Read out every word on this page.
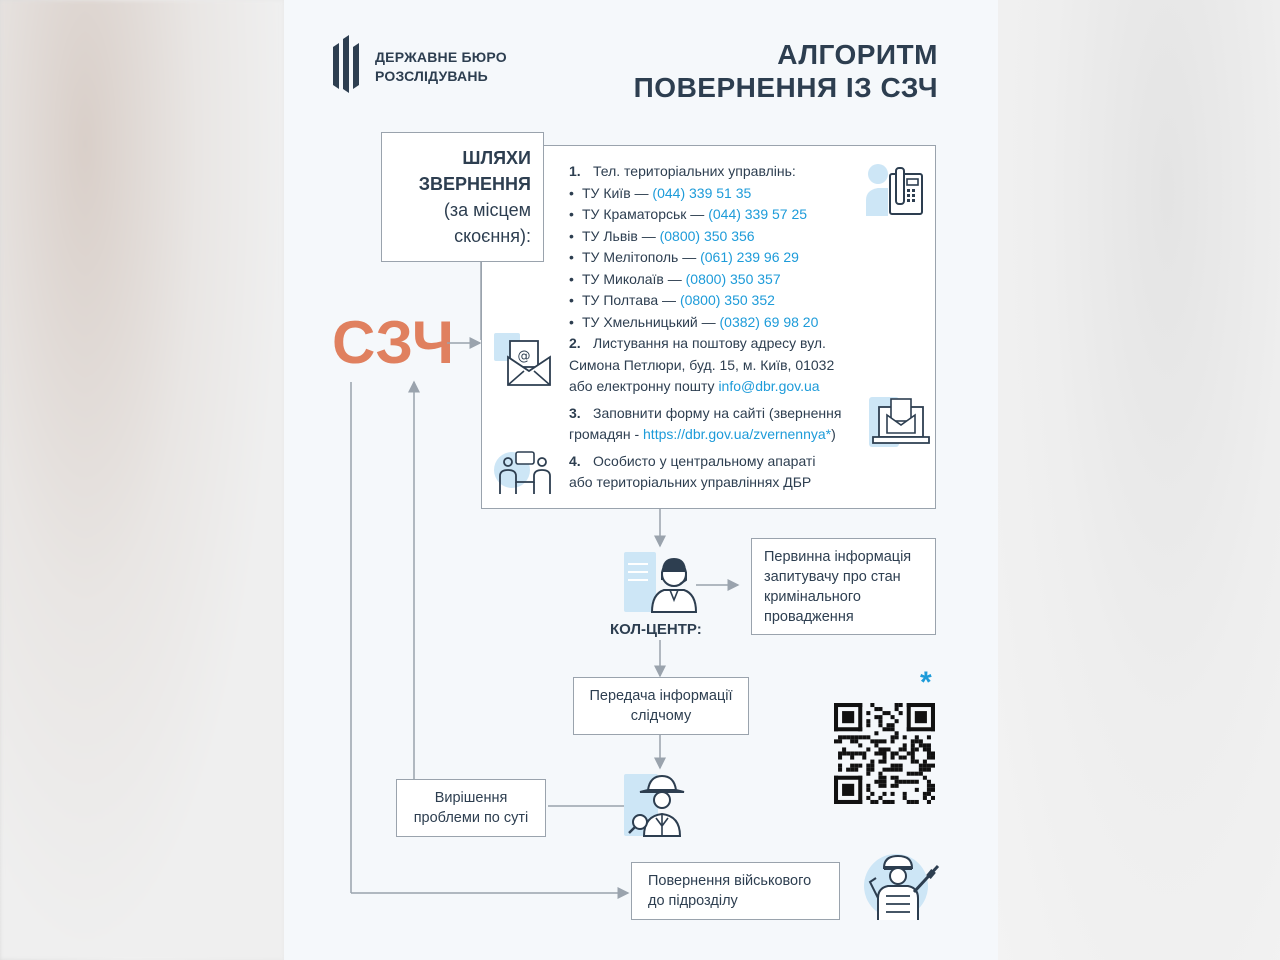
ДЕРЖАВНЕ БЮРО
РОЗСЛІДУВАНЬ
АЛГОРИТМ
ПОВЕРНЕННЯ ІЗ СЗЧ
ШЛЯХИ
ЗВЕРНЕННЯ
(за місцем
скоєння):
1. Тел. територіальних управлінь:
• ТУ Київ — (044) 339 51 35
• ТУ Краматорськ — (044) 339 57 25
• ТУ Львів — (0800) 350 356
• ТУ Мелітополь — (061) 239 96 29
• ТУ Миколаїв — (0800) 350 357
• ТУ Полтава — (0800) 350 352
• ТУ Хмельницький — (0382) 69 98 20
2. Листування на поштову адресу вул.
Симона Петлюри, буд. 15, м. Київ, 01032
або електронну пошту info@dbr.gov.ua
3. Заповнити форму на сайті (звернення
громадян - https://dbr.gov.ua/zvernennya*)
4. Особисто у центральному апараті
або територіальних управліннях ДБР
@
СЗЧ
КОЛ-ЦЕНТР:
Первинна інформація
запитувачу про стан
кримінального
провадження
Передача інформації
слідчому
Вирішення
проблеми по суті
*
Повернення військового
до підрозділу
